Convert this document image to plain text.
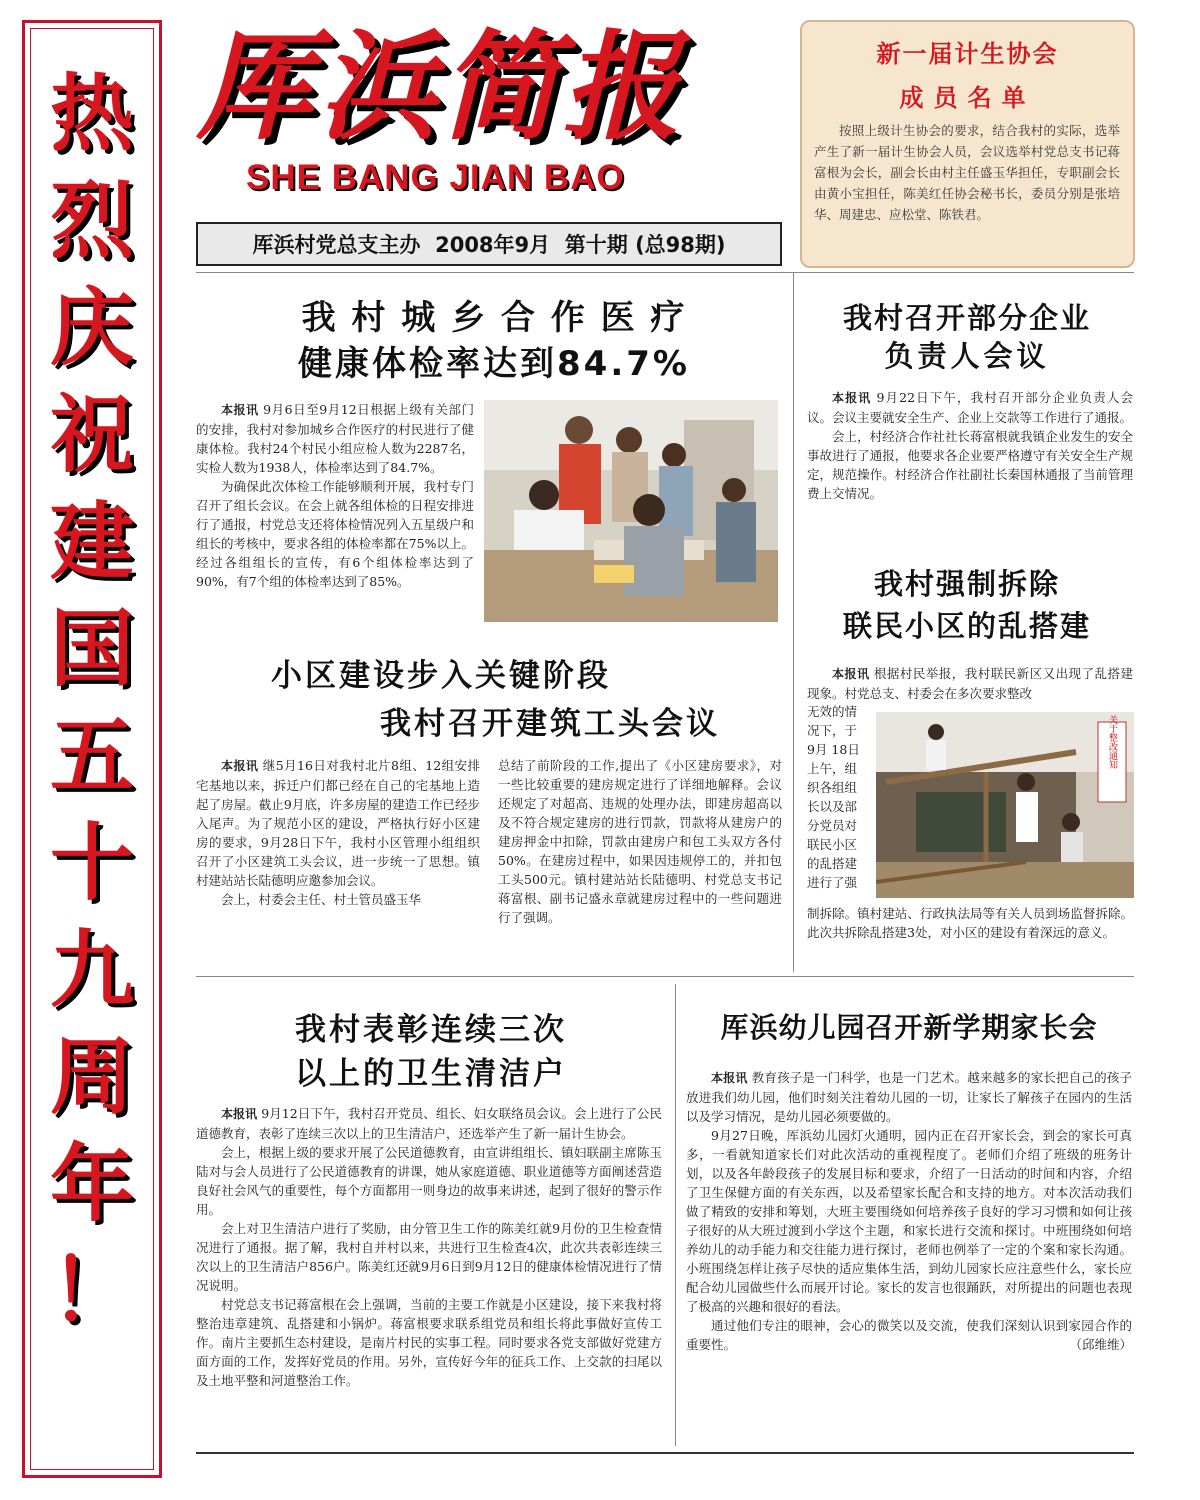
热
烈
庆
祝
建
国
五
十
九
周
年
！
厍浜简报
SHE BANG JIAN BAO
厍浜村党总支主办  2008年9月  第十期 (总98期)
新一届计生协会
成员名单
按照上级计生协会的要求，结合我村的实际，选举产生了新一届计生协会人员，会议选举村党总支书记蒋富根为会长，副会长由村主任盛玉华担任，专职副会长由黄小宝担任，陈美红任协会秘书长，委员分别是张培华、周建忠、应松堂、陈铁君。
我 村 城 乡 合 作 医 疗
健康体检率达到84.7%

本报讯 9月6日至9月12日根据上级有关部门的安排，我村对参加城乡合作医疗的村民进行了健康体检。我村24个村民小组应检人数为2287名，实检人数为1938人，体检率达到了84.7%。

为确保此次体检工作能够顺利开展，我村专门召开了组长会议。在会上就各组体检的日程安排进行了通报，村党总支还将体检情况列入五星级户和组长的考核中，要求各组的体检率都在75%以上。经过各组组长的宣传，有6个组体检率达到了90%，有7个组的体检率达到了85%。

小区建设步入关键阶段
我村召开建筑工头会议

本报讯 继5月16日对我村北片8组、12组安排宅基地以来，拆迁户们都已经在自己的宅基地上造起了房屋。截止9月底，许多房屋的建造工作已经步入尾声。为了规范小区的建设，严格执行好小区建房的要求，9月28日下午，我村小区管理小组组织召开了小区建筑工头会议，进一步统一了思想。镇村建站站长陆德明应邀参加会议。

会上，村委会主任、村土管员盛玉华

总结了前阶段的工作,提出了《小区建房要求》，对一些比较重要的建房规定进行了详细地解释。会议还规定了对超高、违规的处理办法，即建房超高以及不符合规定建房的进行罚款，罚款将从建房户的建房押金中扣除，罚款由建房户和包工头双方各付50%。在建房过程中，如果因违规停工的，并扣包工头500元。镇村建站站长陆德明、村党总支书记蒋富根、副书记盛永章就建房过程中的一些问题进行了强调。

我村召开部分企业
负责人会议

本报讯 9月22日下午，我村召开部分企业负责人会议。会议主要就安全生产、企业上交款等工作进行了通报。

会上，村经济合作社社长蒋富根就我镇企业发生的安全事故进行了通报，他要求各企业要严格遵守有关安全生产规定，规范操作。村经济合作社副社长秦国林通报了当前管理费上交情况。

我村强制拆除
联民小区的乱搭建

本报讯 根据村民举报，我村联民新区又出现了乱搭建现象。村党总支、村委会在多次要求整改

无效的情
况下，于
9月 18日
上午，组
织各组组
长以及部
分党员对
联民小区
的乱搭建
进行了强
关于整改通知

制拆除。镇村建站、行政执法局等有关人员到场监督拆除。此次共拆除乱搭建3处，对小区的建设有着深远的意义。

我村表彰连续三次
以上的卫生清洁户

本报讯 9月12日下午，我村召开党员、组长、妇女联络员会议。会上进行了公民道德教育，表彰了连续三次以上的卫生清洁户，还选举产生了新一届计生协会。

会上，根据上级的要求开展了公民道德教育，由宣讲组组长、镇妇联副主席陈玉陆对与会人员进行了公民道德教育的讲课，她从家庭道德、职业道德等方面阐述营造良好社会风气的重要性，每个方面都用一则身边的故事来讲述，起到了很好的警示作用。

会上对卫生清洁户进行了奖励，由分管卫生工作的陈美红就9月份的卫生检查情况进行了通报。据了解，我村自并村以来，共进行卫生检查4次，此次共表彰连续三次以上的卫生清洁户856户。陈美红还就9月6日到9月12日的健康体检情况进行了情况说明。

村党总支书记蒋富根在会上强调，当前的主要工作就是小区建设，接下来我村将整治违章建筑、乱搭建和小锅炉。蒋富根要求联系组党员和组长将此事做好宣传工作。南片主要抓生态村建设，是南片村民的实事工程。同时要求各党支部做好党建方面方面的工作，发挥好党员的作用。另外，宣传好今年的征兵工作、上交款的扫尾以及土地平整和河道整治工作。

厍浜幼儿园召开新学期家长会

本报讯 教育孩子是一门科学，也是一门艺术。越来越多的家长把自己的孩子放进我们幼儿园，他们时刻关注着幼儿园的一切，让家长了解孩子在园内的生活以及学习情况，是幼儿园必须要做的。

9月27日晚，厍浜幼儿园灯火通明，园内正在召开家长会，到会的家长可真多，一看就知道家长们对此次活动的重视程度了。老师们介绍了班级的班务计划，以及各年龄段孩子的发展目标和要求，介绍了一日活动的时间和内容，介绍了卫生保健方面的有关东西，以及希望家长配合和支持的地方。对本次活动我们做了精致的安排和筹划，大班主要围绕如何培养孩子良好的学习习惯和如何让孩子很好的从大班过渡到小学这个主题，和家长进行交流和探讨。中班围绕如何培养幼儿的动手能力和交往能力进行探讨，老师也例举了一定的个案和家长沟通。小班围绕怎样让孩子尽快的适应集体生活，到幼儿园家长应注意些什么，家长应配合幼儿园做些什么而展开讨论。家长的发言也很踊跃，对所提出的问题也表现了极高的兴趣和很好的看法。

通过他们专注的眼神，会心的微笑以及交流，使我们深刻认识到家园合作的重要性。	（邱维维）
